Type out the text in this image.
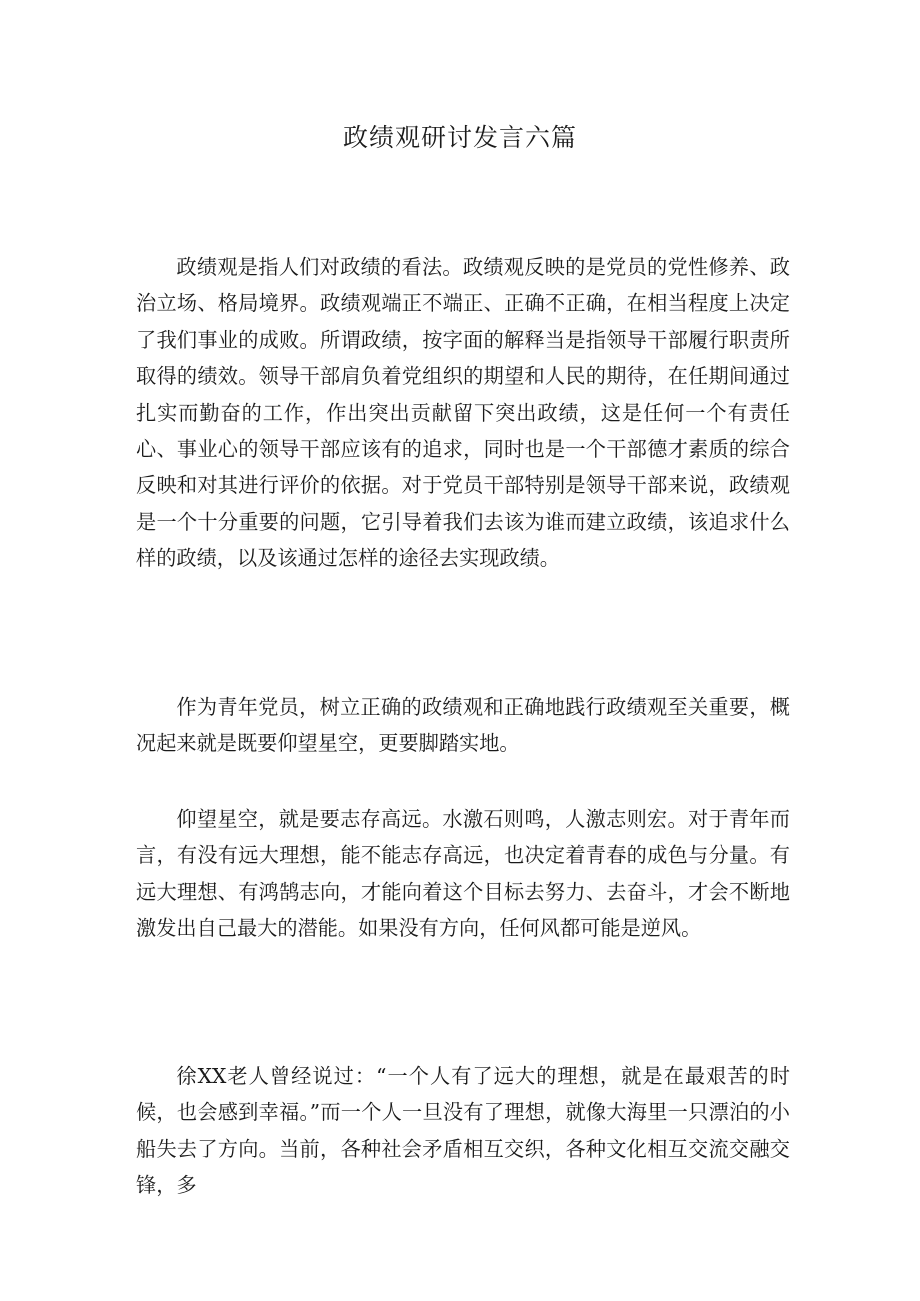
政绩观研讨发言六篇

政绩观是指人们对政绩的看法。政绩观反映的是党员的党性修养、政治立场、格局境界。政绩观端正不端正、正确不正确，在相当程度上决定了我们事业的成败。所谓政绩，按字面的解释当是指领导干部履行职责所取得的绩效。领导干部肩负着党组织的期望和人民的期待，在任期间通过扎实而勤奋的工作，作出突出贡献留下突出政绩，这是任何一个有责任心、事业心的领导干部应该有的追求，同时也是一个干部德才素质的综合反映和对其进行评价的依据。对于党员干部特别是领导干部来说，政绩观是一个十分重要的问题，它引导着我们去该为谁而建立政绩，该追求什么样的政绩，以及该通过怎样的途径去实现政绩。

作为青年党员，树立正确的政绩观和正确地践行政绩观至关重要，概况起来就是既要仰望星空，更要脚踏实地。

仰望星空，就是要志存高远。水激石则鸣，人激志则宏。对于青年而言，有没有远大理想，能不能志存高远，也决定着青春的成色与分量。有远大理想、有鸿鹄志向，才能向着这个目标去努力、去奋斗，才会不断地激发出自己最大的潜能。如果没有方向，任何风都可能是逆风。

徐XX老人曾经说过：“一个人有了远大的理想，就是在最艰苦的时候，也会感到幸福。”而一个人一旦没有了理想，就像大海里一只漂泊的小船失去了方向。当前，各种社会矛盾相互交织，各种文化相互交流交融交锋，多
